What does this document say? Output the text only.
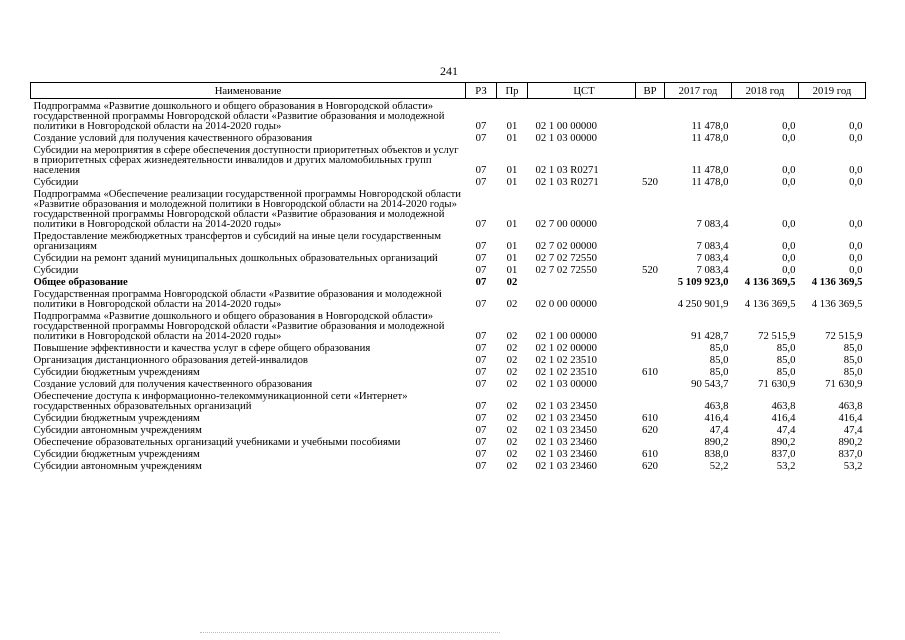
241
Наименование	РЗ	Пр	ЦСТ	ВР	2017 год	2018 год	2019 год
Подпрограмма «Развитие дошкольного и общего образования в Новгородской области» государственной программы Новгородской области «Развитие образования и молодежной политики в Новгородской области на 2014-2020 годы»	07	01	02 1 00 00000		11 478,0	0,0	0,0
Создание условий для получения качественного образования	07	01	02 1 03 00000		11 478,0	0,0	0,0
Субсидии на мероприятия в сфере обеспечения доступности приоритетных объектов и услуг в приоритетных сферах жизнедеятельности инвалидов и других маломобильных групп населения	07	01	02 1 03 R0271		11 478,0	0,0	0,0
Субсидии	07	01	02 1 03 R0271	520	11 478,0	0,0	0,0
Подпрограмма «Обеспечение реализации государственной программы Новгородской области «Развитие образования и молодежной политики в Новгородской области на 2014-2020 годы» государственной программы Новгородской области «Развитие образования и молодежной политики в Новгородской области на 2014-2020 годы»	07	01	02 7 00 00000		7 083,4	0,0	0,0
Предоставление межбюджетных трансфертов и субсидий на иные цели государственным организациям	07	01	02 7 02 00000		7 083,4	0,0	0,0
Субсидии на ремонт зданий муниципальных дошкольных образовательных организаций	07	01	02 7 02 72550		7 083,4	0,0	0,0
Субсидии	07	01	02 7 02 72550	520	7 083,4	0,0	0,0
Общее образование	07	02			5 109 923,0	4 136 369,5	4 136 369,5
Государственная программа Новгородской области «Развитие образования и молодежной политики в Новгородской области на 2014-2020 годы»	07	02	02 0 00 00000		4 250 901,9	4 136 369,5	4 136 369,5
Подпрограмма «Развитие дошкольного и общего образования в Новгородской области» государственной программы Новгородской области «Развитие образования и молодежной политики в Новгородской области на 2014-2020 годы»	07	02	02 1 00 00000		91 428,7	72 515,9	72 515,9
Повышение эффективности и качества услуг в сфере общего образования	07	02	02 1 02 00000		85,0	85,0	85,0
Организация дистанционного образования детей-инвалидов	07	02	02 1 02 23510		85,0	85,0	85,0
Субсидии бюджетным учреждениям	07	02	02 1 02 23510	610	85,0	85,0	85,0
Создание условий для получения качественного образования	07	02	02 1 03 00000		90 543,7	71 630,9	71 630,9
Обеспечение доступа к информационно-телекоммуникационной сети «Интернет» государственных образовательных организаций	07	02	02 1 03 23450		463,8	463,8	463,8
Субсидии бюджетным учреждениям	07	02	02 1 03 23450	610	416,4	416,4	416,4
Субсидии автономным учреждениям	07	02	02 1 03 23450	620	47,4	47,4	47,4
Обеспечение образовательных организаций учебниками и учебными пособиями	07	02	02 1 03 23460		890,2	890,2	890,2
Субсидии бюджетным учреждениям	07	02	02 1 03 23460	610	838,0	837,0	837,0
Субсидии автономным учреждениям	07	02	02 1 03 23460	620	52,2	53,2	53,2
